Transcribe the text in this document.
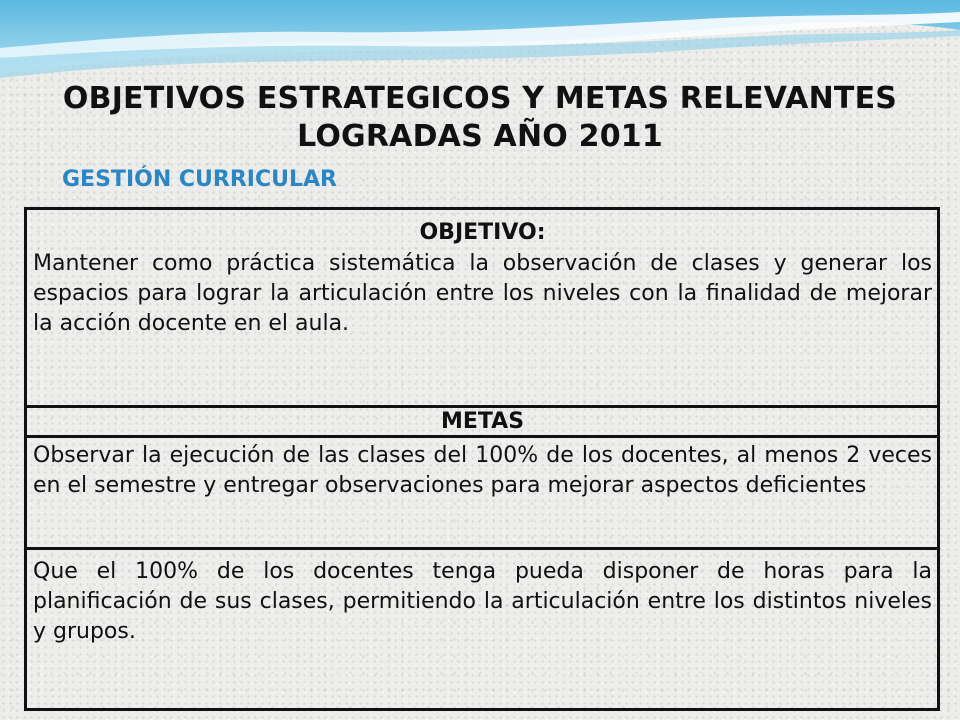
OBJETIVOS ESTRATEGICOS Y METAS RELEVANTES
LOGRADAS AÑO 2011
GESTIÓN CURRICULAR
OBJETIVO:
Mantener como práctica sistemática la observación de clases y generar los espacios para lograr la articulación entre los niveles con la finalidad de mejorar la acción docente en el aula.
METAS
Observar la ejecución de las clases del 100% de los docentes, al menos 2 veces en el semestre y entregar observaciones para mejorar aspectos deficientes
Que el 100% de los docentes tenga pueda disponer de horas para la planificación de sus clases, permitiendo la articulación entre los distintos niveles y grupos.
